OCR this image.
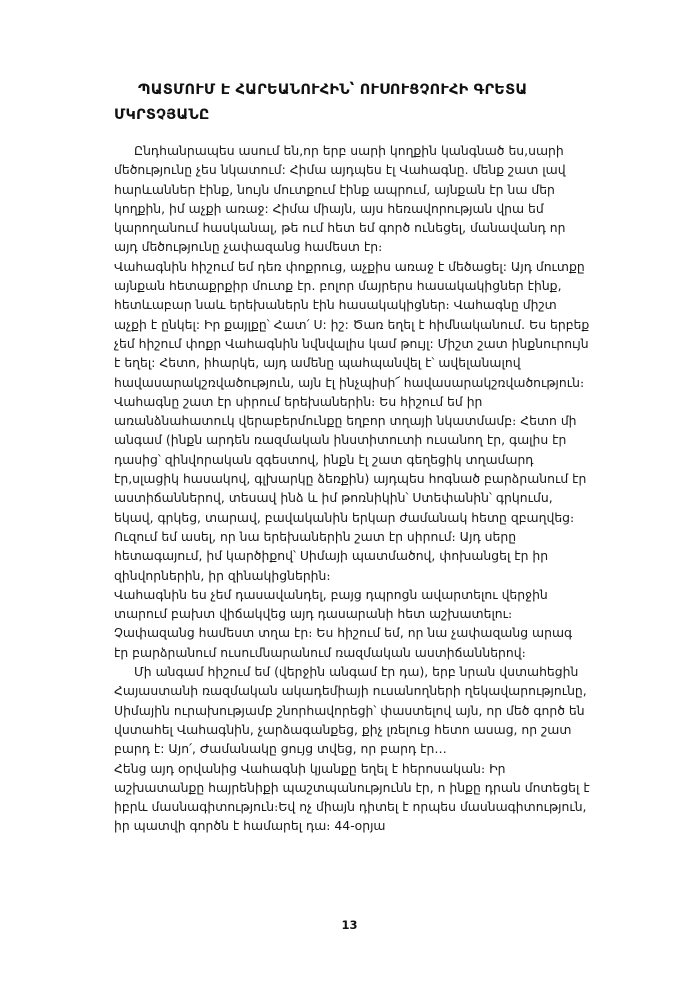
ՊԱՏՄՈՒՄ Է ՀԱՐԵԱՆՈՒՀԻՆ՝ ՈՒՍՈՒՑՉՈՒՀԻ ԳՐԵՏԱ ՄԿՐՏՉՅԱՆԸ

Ընդհանրապես ասում են,որ երբ սարի կողքին կանգնած ես,սարի մեծությունը չես նկատում: Հիմա այդպես էլ Վահագնը․ մենք շատ լավ հարևաններ էինք, նույն մուտքում էինք ապրում, այնքան էր նա մեր կողքին, իմ աչքի առաջ: Հիմա միայն, այս հեռավորության վրա եմ կարողանում հասկանալ, թե ում հետ եմ գործ ունեցել, մանավանդ որ այդ մեծությունը չափազանց համեստ էր։

Վահագնին հիշում եմ դեռ փոքրուց, աչքիս առաջ է մեծացել: Այդ մուտքը այնքան հետաքրքիր մուտք էր․ բոլոր մայրերս հասակակիցներ էինք, հետևաբար նաև երեխաներն էին հասակակիցներ։ Վահագնը միշտ աչքի է ընկել: Իր քայլքը՝ Հատ՛ Ս: իշ: Ծառ եղել է հիմնականում․ Ես երբեք չեմ հիշում փոքր Վահագնին նվնվալիս կամ թույլ: Միշտ շատ ինքնուրույն է եղել: Հետո, իհարկե, այդ ամենը պահպանվել է՝ ավելանալով հավասարակշռվածություն, այն էլ ինչպիսի՜ հավասարակշռվածություն։

Վահագնը շատ էր սիրում երեխաներին։ Ես հիշում եմ իր առանձնահատուկ վերաբերմունքը եղբոր տղայի նկատմամբ։ Հետո մի անգամ (ինքն արդեն ռազմական ինստիտուտի ուսանող էր, գալիս էր դասից՝ զինվորական զգեստով, ինքն էլ շատ գեղեցիկ տղամարդ էր,սլացիկ հասակով, գլխարկը ձեռքին) այդպես հոգնած բարձրանում էր աստիճաններով, տեսավ ինձ և իմ թոռնիկին՝ Ստեփանին՝ գրկումս, եկավ, գրկեց, տարավ, բավականին երկար ժամանակ հետը զբաղվեց։ Ուզում եմ ասել, որ նա երեխաներին շատ էր սիրում։ Այդ սերը հետագայում, իմ կարծիքով՝ Սիմայի պատմածով, փոխանցել էր իր զինվորներին, իր զինակիցներին։

Վահագնին ես չեմ դասավանդել, բայց դպրոցն ավարտելու վերջին տարում բախտ վիճակվեց այդ դասարանի հետ աշխատելու։ Չափազանց համեստ տղա էր։ Ես հիշում եմ, որ նա չափազանց արագ էր բարձրանում ուսումնարանում ռազմական աստիճաններով։

Մի անգամ հիշում եմ (վերջին անգամ էր դա), երբ նրան վստահեցին Հայաստանի ռազմական ակադեմիայի ուսանողների ղեկավարությունը, Սիմային ուրախությամբ շնորհավորեցի՝ փաստելով այն, որ մեծ գործ են վստահել Վահագնին, չարձագանքեց, քիչ լռելուց հետո ասաց, որ շատ բարդ է: Այո՛, Ժամանակը ցույց տվեց, որ բարդ էր…

Հենց այդ օրվանից Վահագնի կյանքը եղել է հերոսական։ Իր աշխատանքը հայրենիքի պաշտպանությունն էր, ո ինքը դրան մոտեցել է իբրև մասնագիտություն։Եվ ոչ միայն դիտել է որպես մասնագիտություն, իր պատվի գործն է համարել դա։ 44-օրյա

13
